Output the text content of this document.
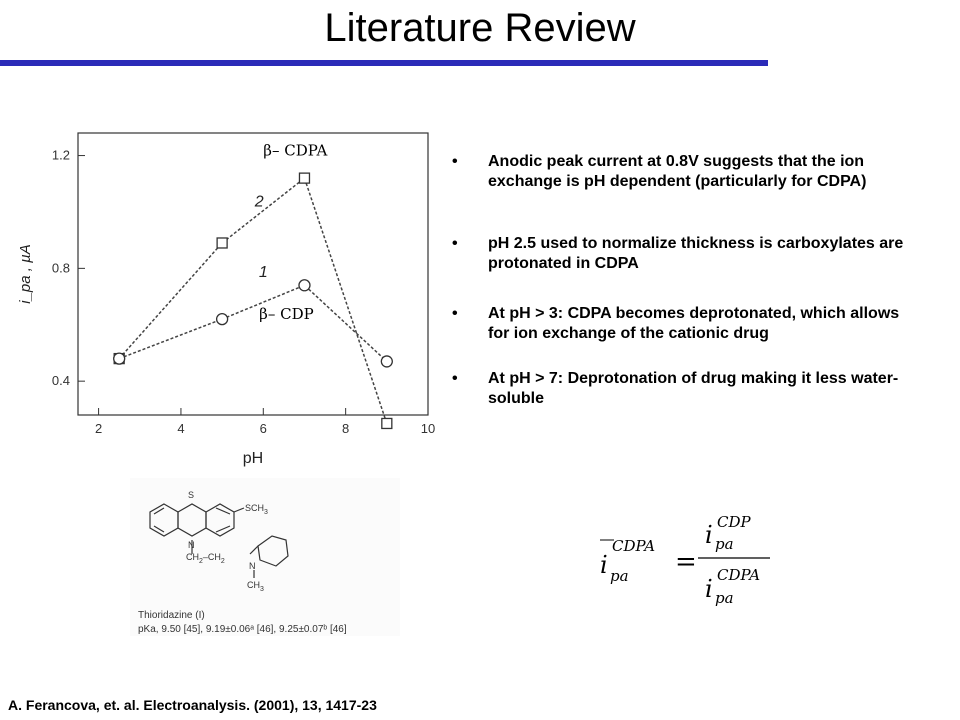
Literature Review
2	4	6	8	10
1.2
0.8
0.4
pH
i_pa , µA
2
1
β– CDPA
β– CDP
• Anodic peak current at 0.8V suggests that the ion exchange is pH dependent (particularly for CDPA)
• pH 2.5 used to normalize thickness is carboxylates are protonated in CDPA
• At pH > 3: CDPA becomes deprotonated, which allows for ion exchange of the cationic drug
• At pH > 7: Deprotonation of drug making it less water-soluble
S
N
$SCH_3$
$CH_2-CH_2$	N
$CH_3$
Thioridazine (I)
pKa, 9.50 [45], 9.19±0.06ᵃ [46], 9.25±0.07ᵇ [46]
i pa
CDPA
=
i pa
CDP
i pa
CDPA
A. Ferancova, et. al. Electroanalysis. (2001), 13, 1417-23
